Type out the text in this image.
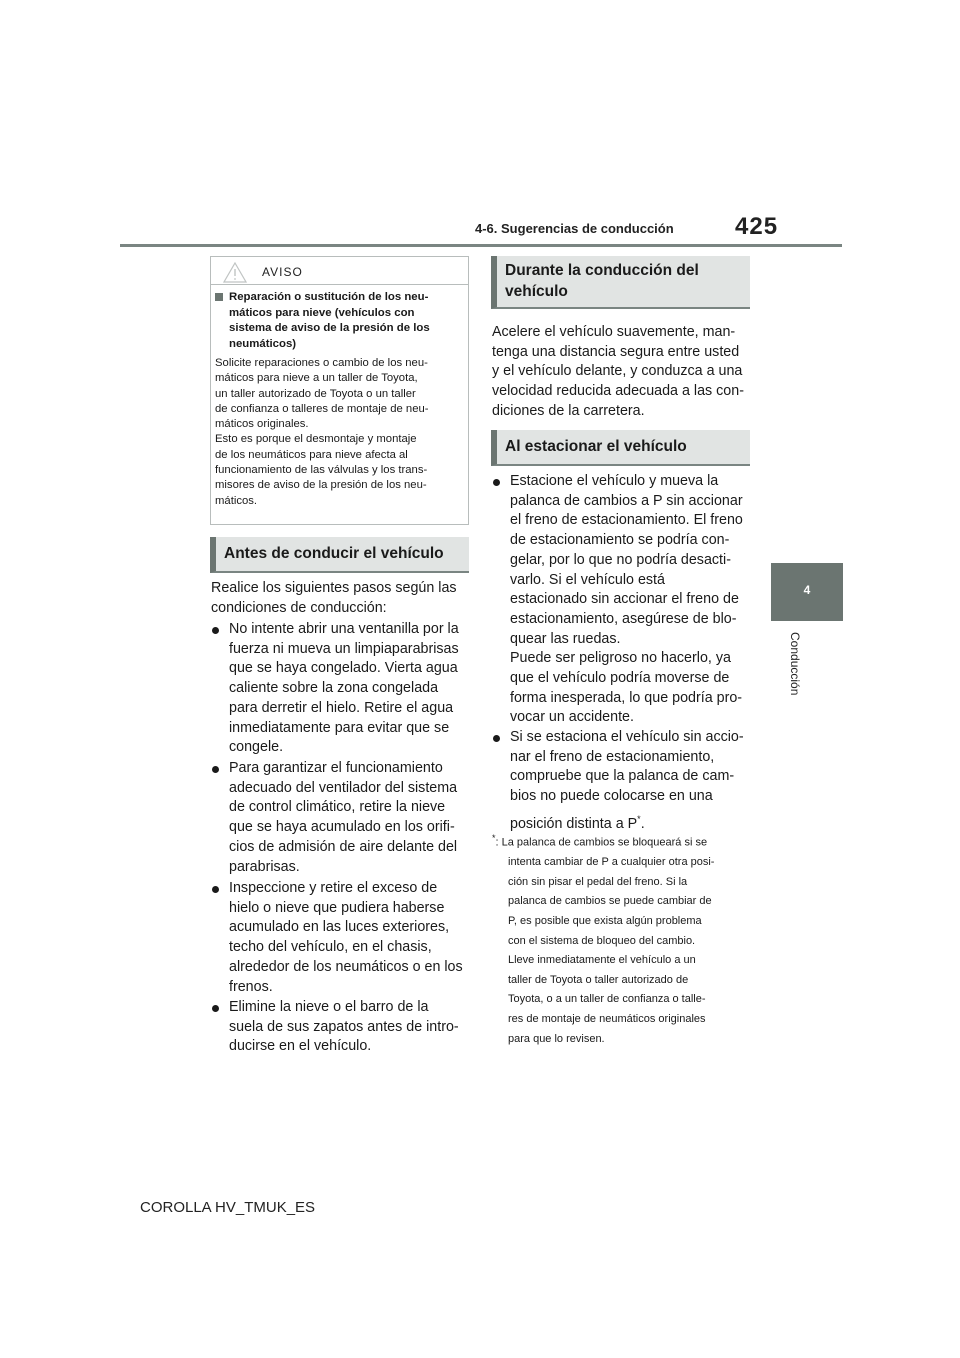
4-6. Sugerencias de conducción	425
4
Conducción
AVISO
Reparación o sustitución de los neu-
máticos para nieve (vehículos con
sistema de aviso de la presión de los
neumáticos)
Solicite reparaciones o cambio de los neu-
máticos para nieve a un taller de Toyota,
un taller autorizado de Toyota o un taller
de confianza o talleres de montaje de neu-
máticos originales.
Esto es porque el desmontaje y montaje
de los neumáticos para nieve afecta al
funcionamiento de las válvulas y los trans-
misores de aviso de la presión de los neu-
máticos.
Antes de conducir el vehículo
Realice los siguientes pasos según las
condiciones de conducción:
No intente abrir una ventanilla por la
fuerza ni mueva un limpiaparabrisas
que se haya congelado. Vierta agua
caliente sobre la zona congelada
para derretir el hielo. Retire el agua
inmediatamente para evitar que se
congele.
Para garantizar el funcionamiento
adecuado del ventilador del sistema
de control climático, retire la nieve
que se haya acumulado en los orifi-
cios de admisión de aire delante del
parabrisas.
Inspeccione y retire el exceso de
hielo o nieve que pudiera haberse
acumulado en las luces exteriores,
techo del vehículo, en el chasis,
alrededor de los neumáticos o en los
frenos.
Elimine la nieve o el barro de la
suela de sus zapatos antes de intro-
ducirse en el vehículo.
Durante la conducción del
vehículo
Acelere el vehículo suavemente, man-
tenga una distancia segura entre usted
y el vehículo delante, y conduzca a una
velocidad reducida adecuada a las con-
diciones de la carretera.
Al estacionar el vehículo
Estacione el vehículo y mueva la
palanca de cambios a P sin accionar
el freno de estacionamiento. El freno
de estacionamiento se podría con-
gelar, por lo que no podría desacti-
varlo. Si el vehículo está
estacionado sin accionar el freno de
estacionamiento, asegúrese de blo-
quear las ruedas.
Puede ser peligroso no hacerlo, ya
que el vehículo podría moverse de
forma inesperada, lo que podría pro-
vocar un accidente.
Si se estaciona el vehículo sin accio-
nar el freno de estacionamiento,
compruebe que la palanca de cam-
bios no puede colocarse en una
posición distinta a P*.
*: La palanca de cambios se bloqueará si se
intenta cambiar de P a cualquier otra posi-
ción sin pisar el pedal del freno. Si la
palanca de cambios se puede cambiar de
P, es posible que exista algún problema
con el sistema de bloqueo del cambio.
Lleve inmediatamente el vehículo a un
taller de Toyota o taller autorizado de
Toyota, o a un taller de confianza o talle-
res de montaje de neumáticos originales
para que lo revisen.
COROLLA HV_TMUK_ES
